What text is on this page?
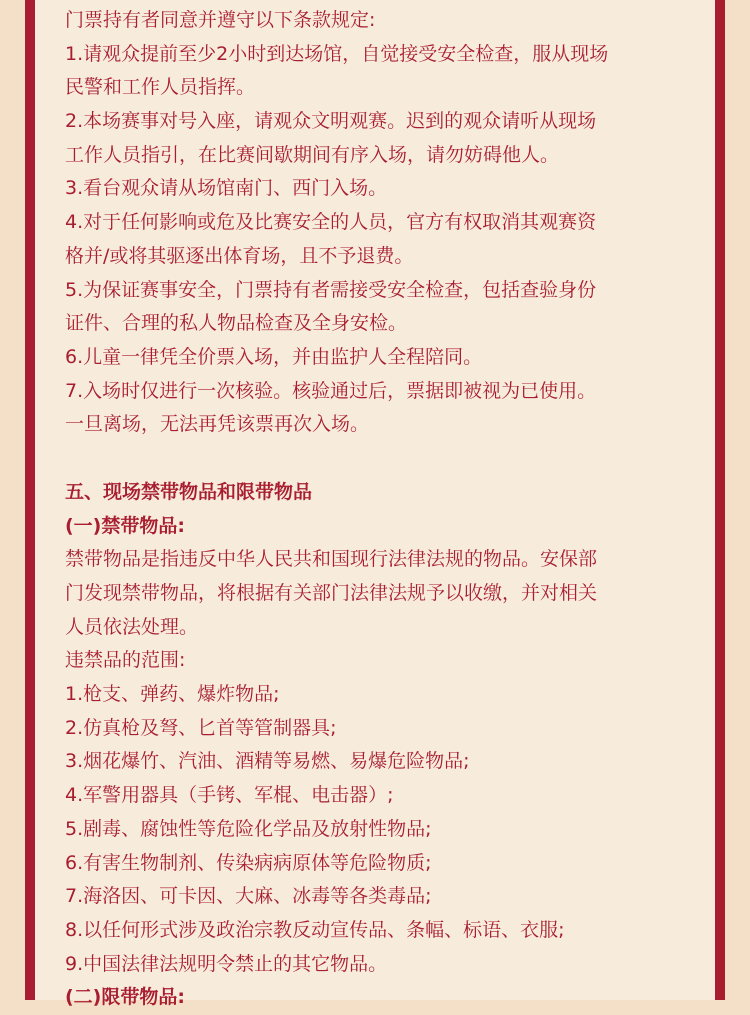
门票持有者同意并遵守以下条款规定:
1.请观众提前至少2小时到达场馆，自觉接受安全检查，服从现场
民警和工作人员指挥。
2.本场赛事对号入座，请观众文明观赛。迟到的观众请听从现场
工作人员指引，在比赛间歇期间有序入场，请勿妨碍他人。
3.看台观众请从场馆南门、西门入场。
4.对于任何影响或危及比赛安全的人员，官方有权取消其观赛资
格并/或将其驱逐出体育场，且不予退费。
5.为保证赛事安全，门票持有者需接受安全检查，包括查验身份
证件、合理的私人物品检查及全身安检。
6.儿童一律凭全价票入场，并由监护人全程陪同。
7.入场时仅进行一次核验。核验通过后，票据即被视为已使用。
一旦离场，无法再凭该票再次入场。
五、现场禁带物品和限带物品
(一)禁带物品:
禁带物品是指违反中华人民共和国现行法律法规的物品。安保部
门发现禁带物品，将根据有关部门法律法规予以收缴，并对相关
人员依法处理。
违禁品的范围:
1.枪支、弹药、爆炸物品;
2.仿真枪及弩、匕首等管制器具;
3.烟花爆竹、汽油、酒精等易燃、易爆危险物品;
4.军警用器具（手铐、军棍、电击器）;
5.剧毒、腐蚀性等危险化学品及放射性物品;
6.有害生物制剂、传染病病原体等危险物质;
7.海洛因、可卡因、大麻、冰毒等各类毒品;
8.以任何形式涉及政治宗教反动宣传品、条幅、标语、衣服;
9.中国法律法规明令禁止的其它物品。
(二)限带物品:
